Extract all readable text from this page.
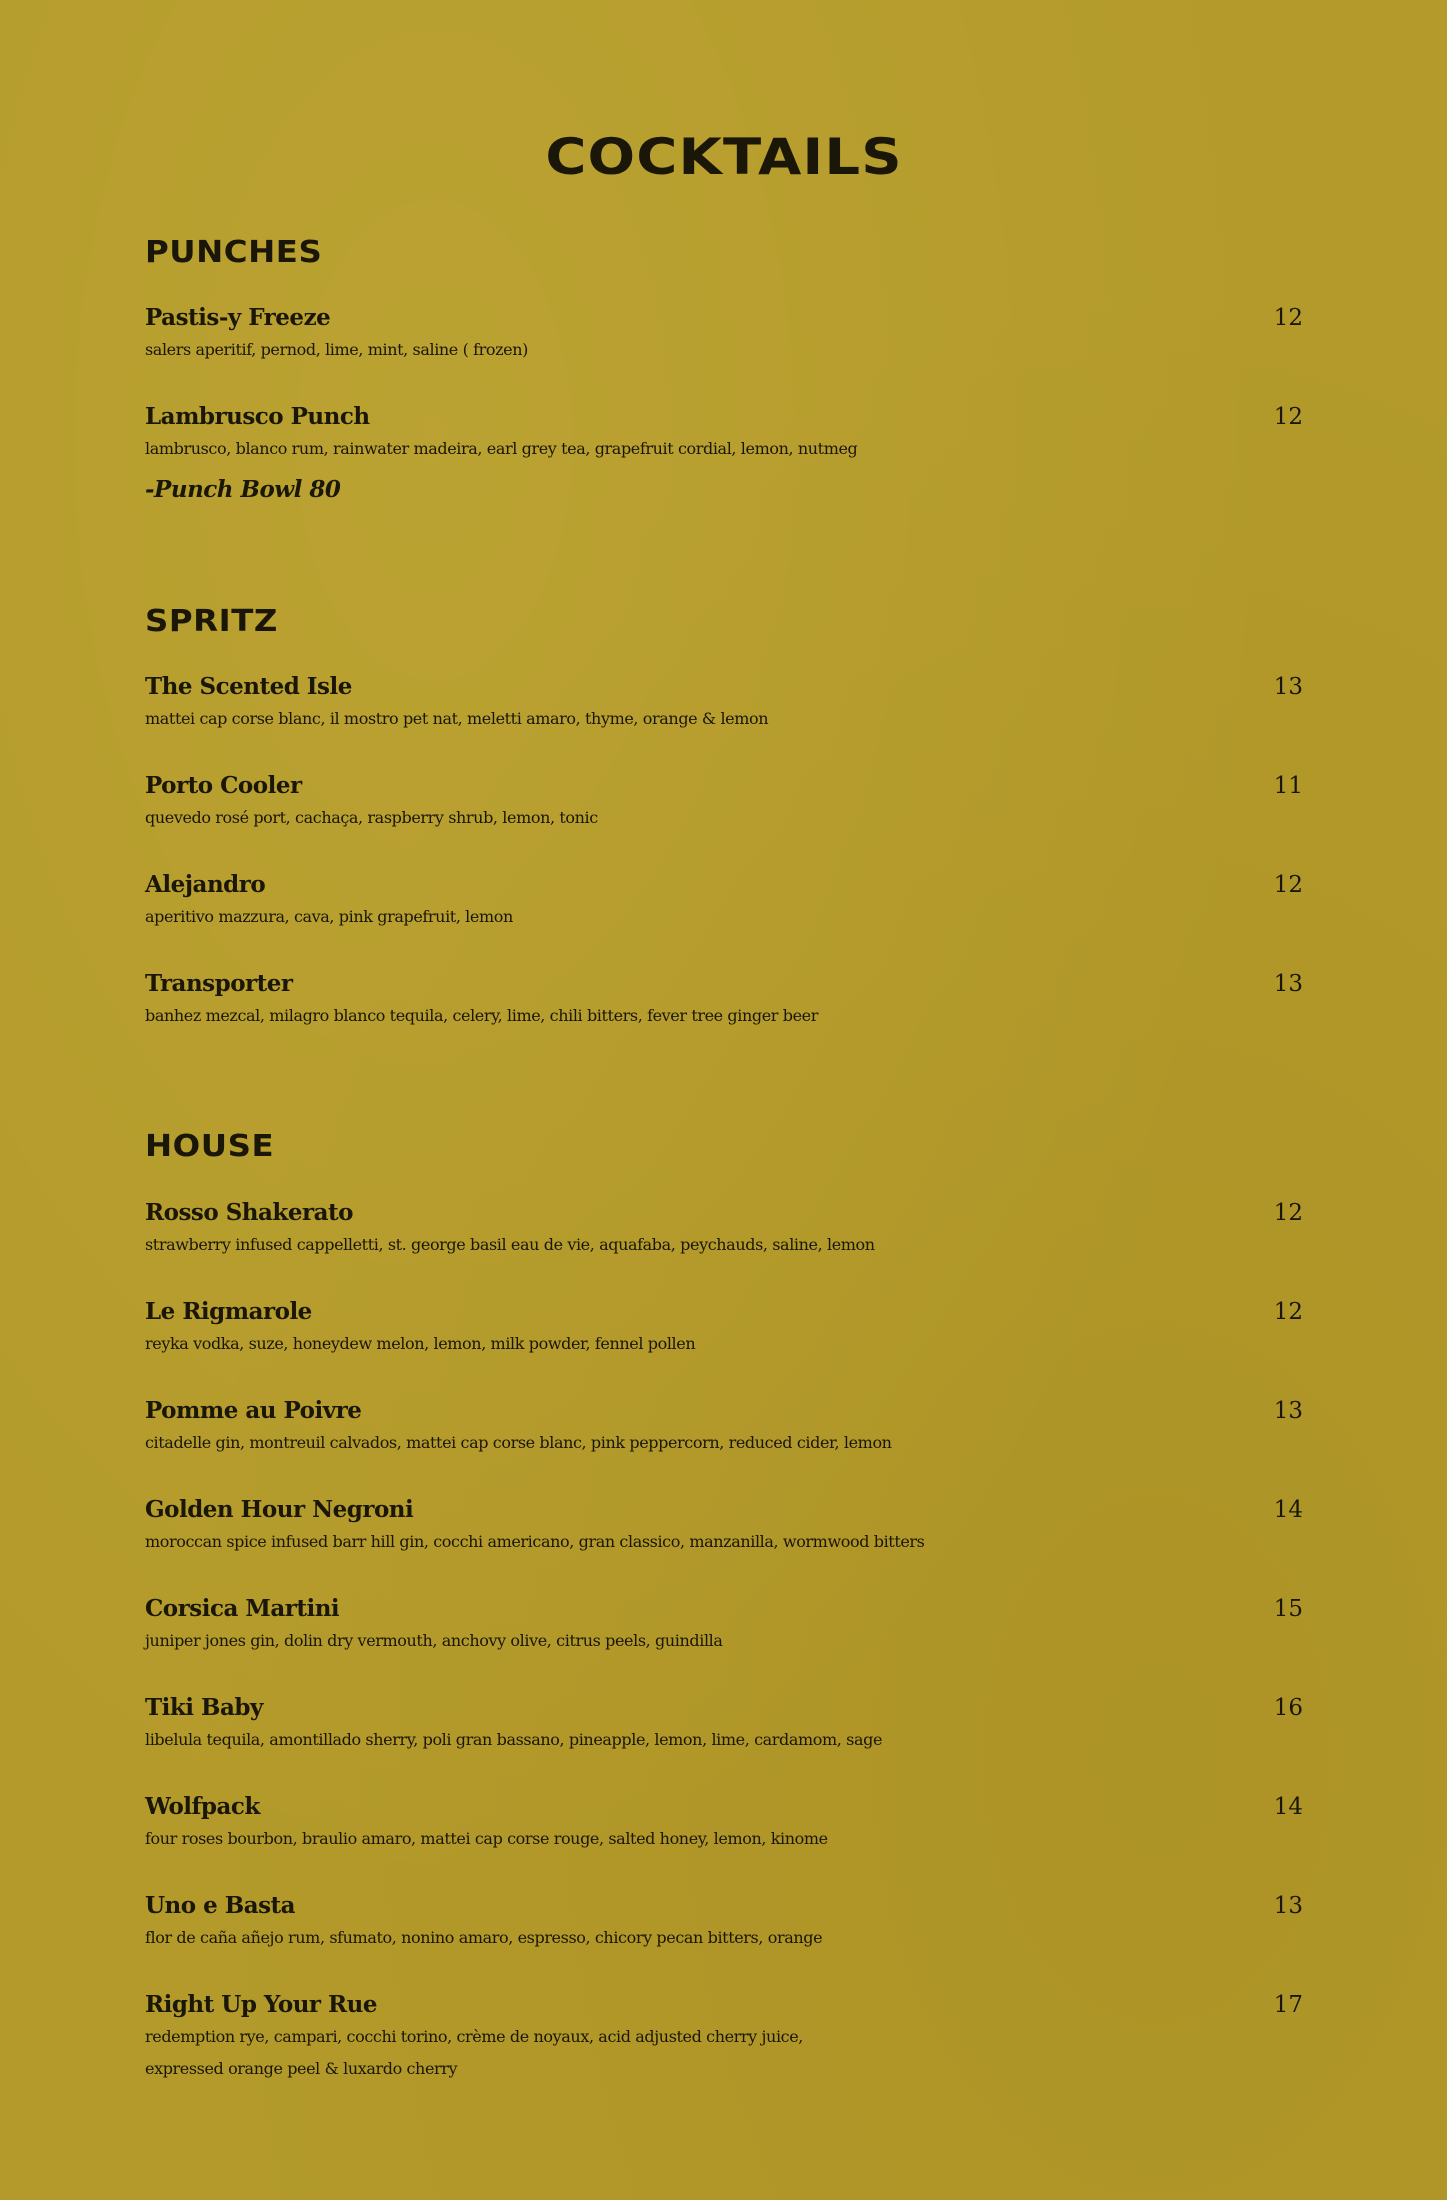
COCKTAILS
PUNCHES
Pastis-y Freeze	12
salers aperitif, pernod, lime, mint, saline ( frozen)
Lambrusco Punch	12
lambrusco, blanco rum, rainwater madeira, earl grey tea, grapefruit cordial, lemon, nutmeg
-Punch Bowl 80
SPRITZ
The Scented Isle	13
mattei cap corse blanc, il mostro pet nat, meletti amaro, thyme, orange & lemon
Porto Cooler	11
quevedo rosé port, cachaça, raspberry shrub, lemon, tonic
Alejandro	12
aperitivo mazzura, cava, pink grapefruit, lemon
Transporter	13
banhez mezcal, milagro blanco tequila, celery, lime, chili bitters, fever tree ginger beer
HOUSE
Rosso Shakerato	12
strawberry infused cappelletti, st. george basil eau de vie, aquafaba, peychauds, saline, lemon
Le Rigmarole	12
reyka vodka, suze, honeydew melon, lemon, milk powder, fennel pollen
Pomme au Poivre	13
citadelle gin, montreuil calvados, mattei cap corse blanc, pink peppercorn, reduced cider, lemon
Golden Hour Negroni	14
moroccan spice infused barr hill gin, cocchi americano, gran classico, manzanilla, wormwood bitters
Corsica Martini	15
juniper jones gin, dolin dry vermouth, anchovy olive, citrus peels, guindilla
Tiki Baby	16
libelula tequila, amontillado sherry, poli gran bassano, pineapple, lemon, lime, cardamom, sage
Wolfpack	14
four roses bourbon, braulio amaro, mattei cap corse rouge, salted honey, lemon, kinome
Uno e Basta	13
flor de caña añejo rum, sfumato, nonino amaro, espresso, chicory pecan bitters, orange
Right Up Your Rue	17
redemption rye, campari, cocchi torino, crème de noyaux, acid adjusted cherry juice,
expressed orange peel & luxardo cherry
